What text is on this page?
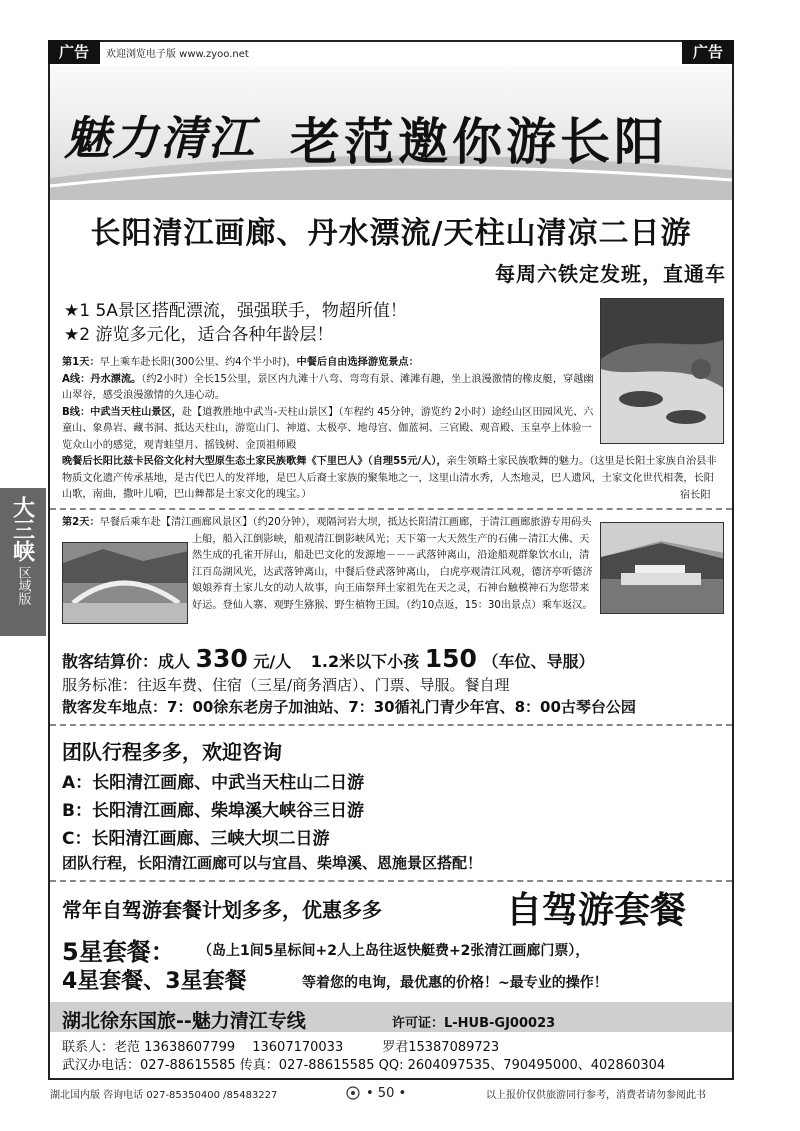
广告	广告
欢迎浏览电子版 www.zyoo.net
大三峡
区域版
魅力清江 老范邀你游长阳
长阳清江画廊、丹水漂流/天柱山清凉二日游
每周六铁定发班，直通车
★1 5A景区搭配漂流，强强联手，物超所值！
★2 游览多元化，适合各种年龄层！
第1天：早上乘车赴长阳(300公里、约4个半小时)，中餐后自由选择游览景点：
A线：丹水漂流。（约2小时）全长15公里，景区内九滩十八弯、弯弯有景、滩滩有趣，坐上浪漫激情的橡皮艇，穿越幽山翠谷，感受浪漫激情的久违心动。
B线：中武当天柱山景区，赴【道教胜地中武当-天柱山景区】（车程约 45分钟，游览约 2小时）途经山区田园风光、六童山、象鼻岩、藏书洞、抵达天柱山，游览山门、神道、太极亭、地母宫、伽蓝祠、三官殿、观音殿、玉皇亭上体验一览众山小的感觉，观青蛙望月、摇钱树、金顶祖师殿
晚餐后长阳比兹卡民俗文化村大型原生态土家民族歌舞《下里巴人》（自理55元/人），亲生领略土家民族歌舞的魅力。（这里是长阳土家族自治县非物质文化遗产传承基地，是古代巴人的发祥地，是巴人后裔土家族的聚集地之一，这里山清水秀，人杰地灵，巴人遗风，土家文化世代相袭，长阳山歌，南曲，撒叶儿嗬，巴山舞都是土家文化的瑰宝。）	宿长阳
第2天：早餐后乘车赴【清江画廊风景区】（约20分钟），观隔河岩大坝，抵达长阳清江画廊，于清江画廊旅游专用码头上船，船入江倒影峡，船观清江倒影峡风光；天下第一大天然生产的石佛－清江大佛、天然生成的孔雀开屏山，船赴巴文化的发源地－－－武落钟离山，沿途船观群象饮水山，清江百岛湖风光，达武落钟离山，中餐后登武落钟离山， 白虎亭观清江风观，德济亭听德济娘娘养育土家儿女的动人故事，向王庙祭拜土家祖先在天之灵，石神台触模神石为您带来好运。登仙人寨、观野生猕猴、野生植物王国。（约10点返，15：30出景点）乘车返汉。
散客结算价：成人 330 元/人 1.2米以下小孩 150 （车位、导服）
服务标准：往返车费、住宿（三星/商务酒店）、门票、导服。餐自理
散客发车地点：7：00徐东老房子加油站、7：30循礼门青少年宫、8：00古琴台公园
团队行程多多，欢迎咨询
A：长阳清江画廊、中武当天柱山二日游
B：长阳清江画廊、柴埠溪大峡谷三日游
C：长阳清江画廊、三峡大坝二日游
团队行程，长阳清江画廊可以与宜昌、柴埠溪、恩施景区搭配！
常年自驾游套餐计划多多，优惠多多	自驾游套餐
5星套餐： （岛上1间5星标间+2人上岛往返快艇费+2张清江画廊门票），
4星套餐、3星套餐	等着您的电询，最优惠的价格！~最专业的操作！
湖北徐东国旅--魅力清江专线	许可证：L-HUB-GJ00023
联系人：老范 13638607799　 13607170033　　　罗君15387089723
武汉办电话：027-88615585 传真：027-88615585 QQ: 2604097535、790495000、402860304
湖北国内版 咨询电话 027-85350400 /85483227	• 50 •	以上报价仅供旅游同行参考，消费者请勿参阅此书
